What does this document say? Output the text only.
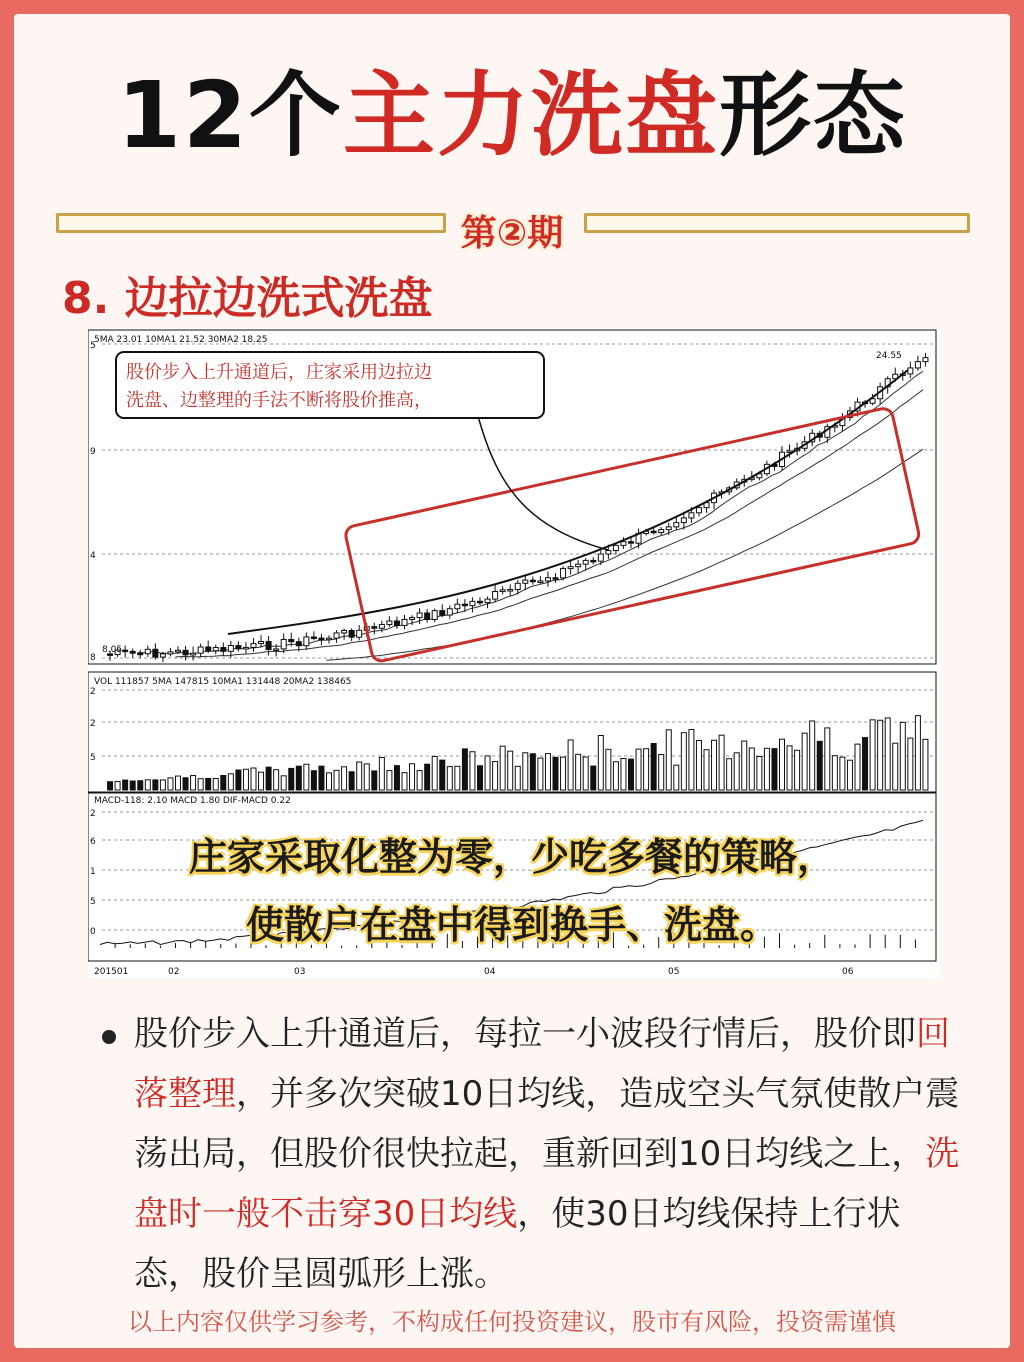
12个主力洗盘形态
第②期
8. 边拉边洗式洗盘
股价步入上升通道后，庄家采用边拉边
洗盘、边整理的手法不断将股价推高，
5MA 23.01 10MA1 21.52 30MA2 18.25
VOL 111857 5MA 147815 10MA1 131448 20MA2 138465
MACD-118: 2.10 MACD 1.80 DIF-MACD 0.22
8.05
24.55
5
9
4
8
2
2
5
2
6
1
5
0
201501	02	03	04	05	06
庄家采取化整为零，少吃多餐的策略，
使散户在盘中得到换手、洗盘。
股价步入上升通道后，每拉一小波段行情后，股价即回落整理，并多次突破10日均线，造成空头气氛使散户震荡出局，但股价很快拉起，重新回到10日均线之上，洗盘时一般不击穿30日均线，使30日均线保持上行状态，股价呈圆弧形上涨。
以上内容仅供学习参考，不构成任何投资建议，股市有风险，投资需谨慎
